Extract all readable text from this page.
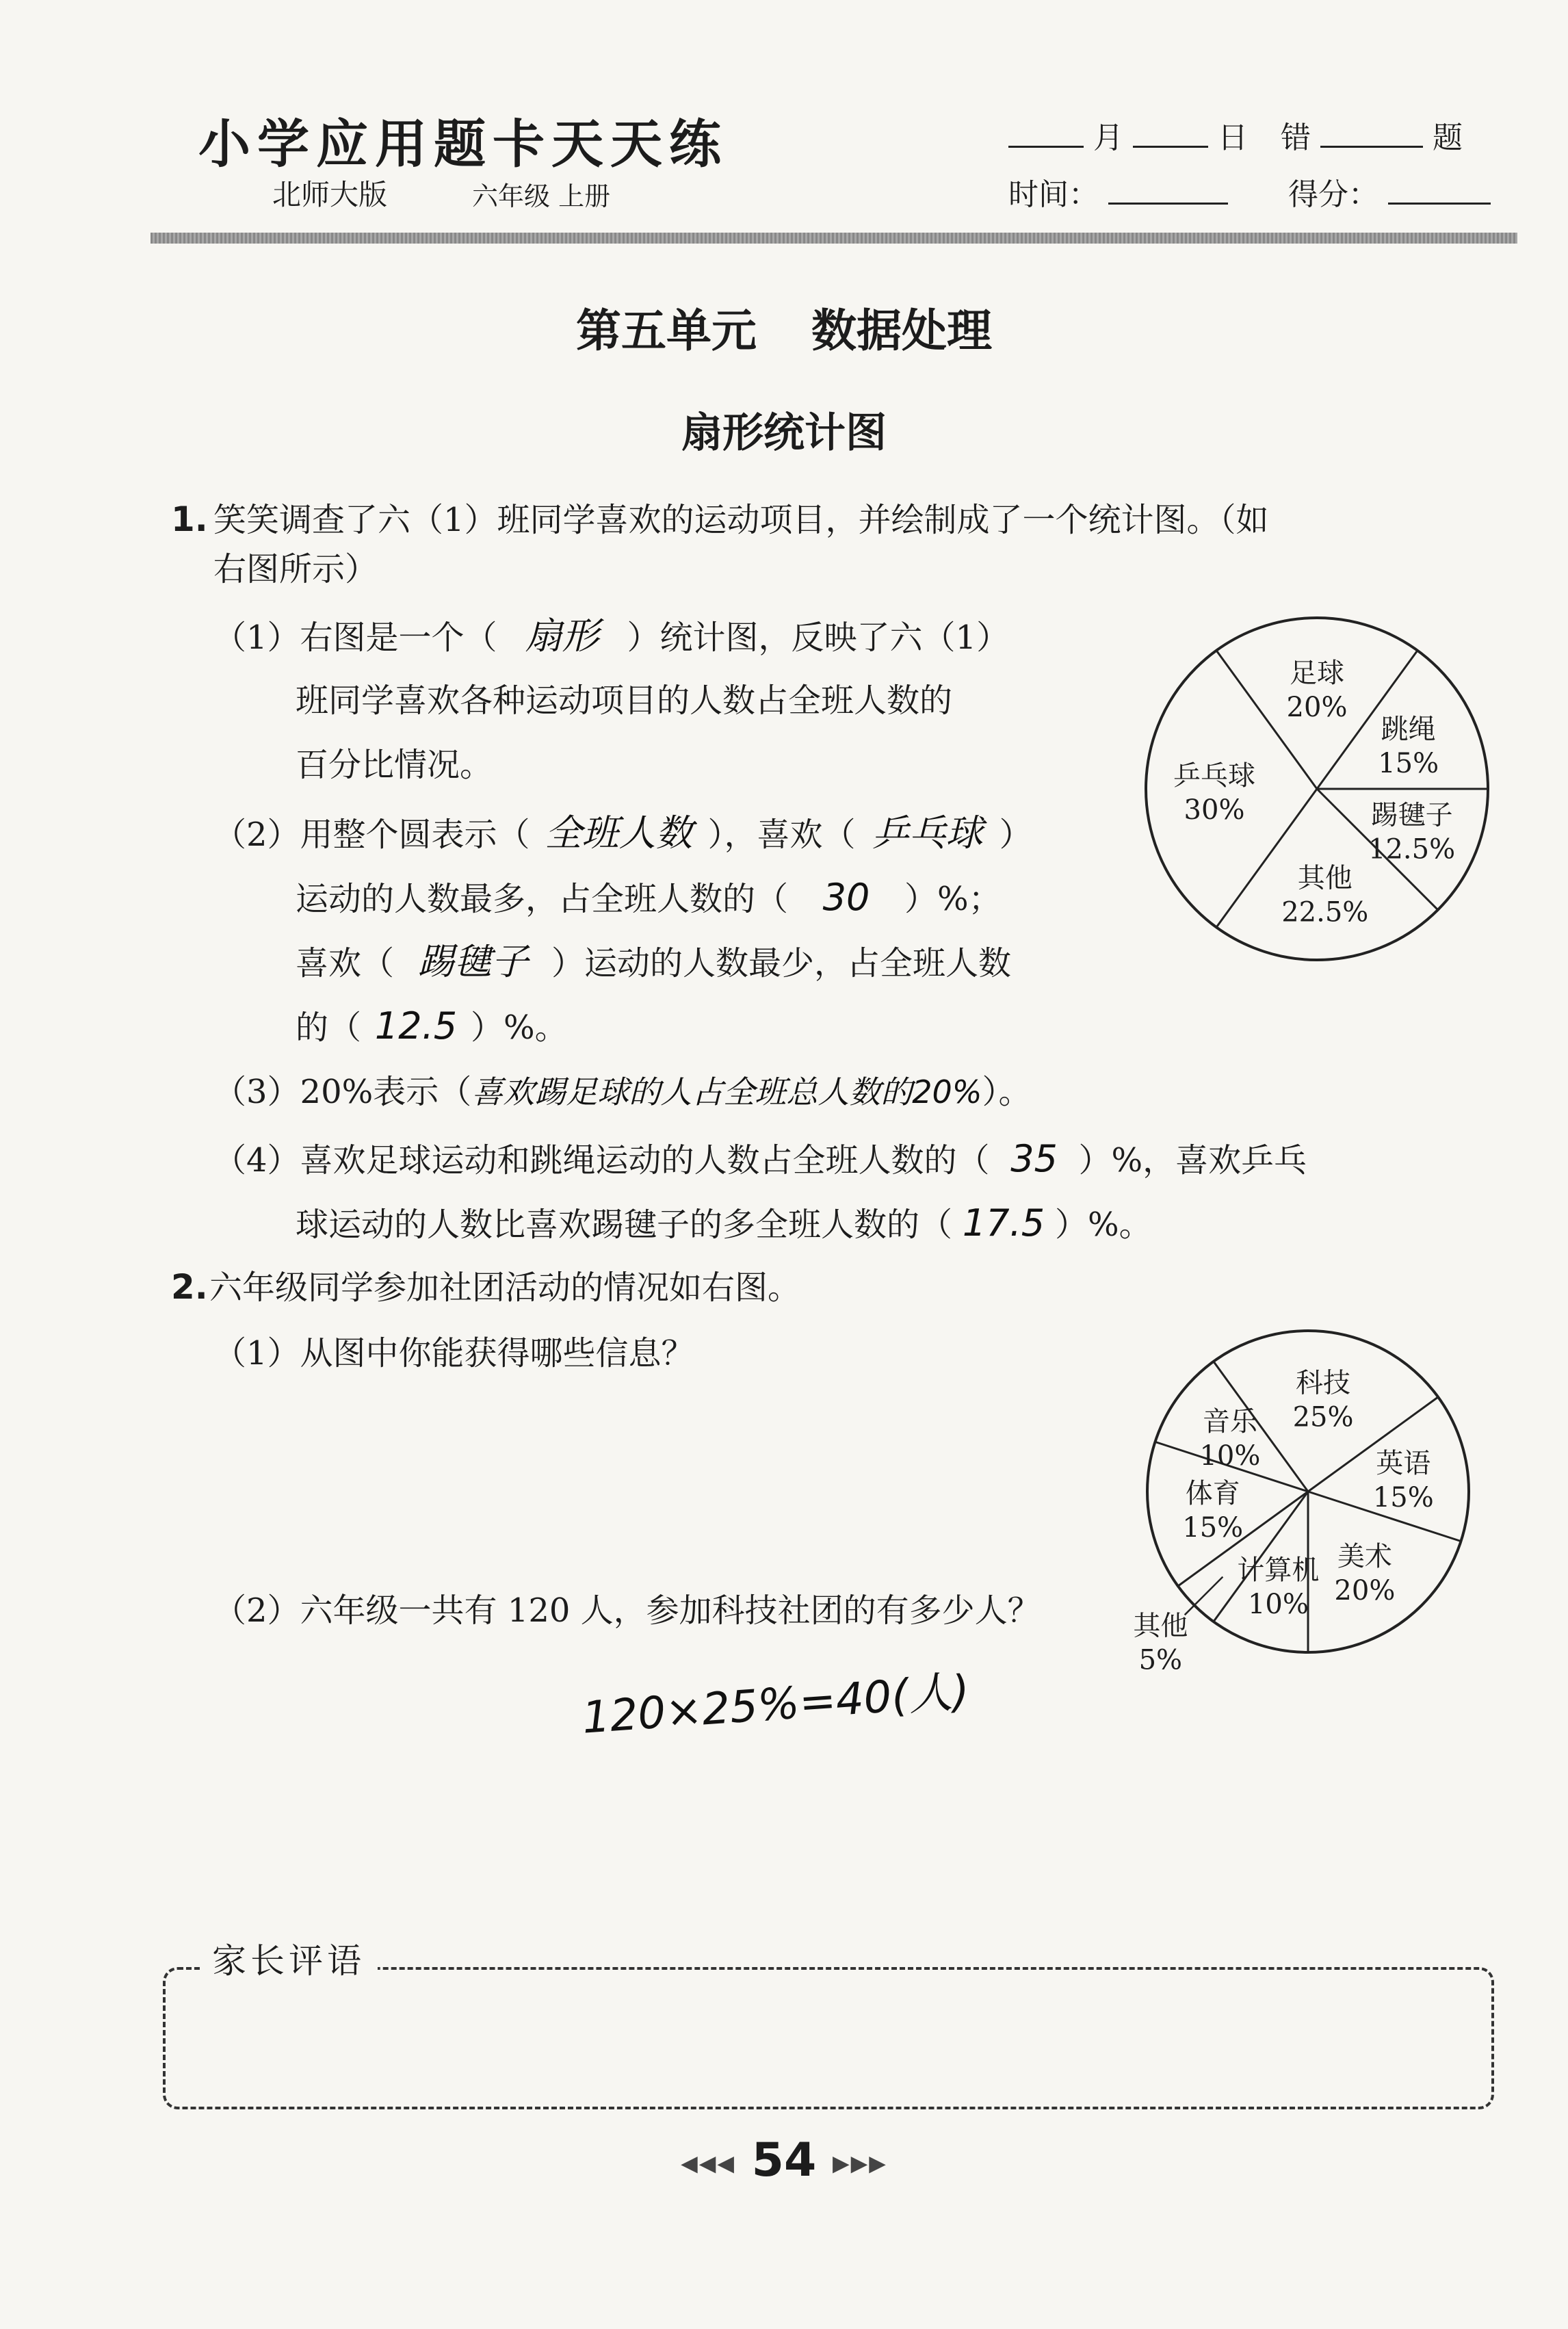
小学应用题卡天天练
北师大版	六年级 上册
月	日 错	题
时间：	得分：
第五单元 数据处理
扇形统计图
1. 笑笑调查了六（1）班同学喜欢的运动项目，并绘制成了一个统计图。（如
右图所示）
（1）右图是一个（ 扇形 ）统计图，反映了六（1）
班同学喜欢各种运动项目的人数占全班人数的
百分比情况。
（2）用整个圆表示（ 全班人数 ），喜欢（ 乒乓球 ）
运动的人数最多，占全班人数的（ 30 ）%；
喜欢（ 踢毽子 ）运动的人数最少，占全班人数
的（ 12.5 ）%。
（3）20%表示（喜欢踢足球的人占全班总人数的20%）。
（4）喜欢足球运动和跳绳运动的人数占全班人数的（ 35 ）%，喜欢乒乓
球运动的人数比喜欢踢毽子的多全班人数的（ 17.5 ）%。
足球
20%
跳绳
15%
踢毽子
12.5%
其他
22.5%
乒乓球
30%
2. 六年级同学参加社团活动的情况如右图。
（1）从图中你能获得哪些信息？
（2）六年级一共有 120 人，参加科技社团的有多少人？
120×25%=40(人)
科技
25%
英语
15%
美术
20%
计算机
10%
其他
5%
体育
15%
音乐
10%
家长评语
◀◀◀ 54 ▶▶▶
